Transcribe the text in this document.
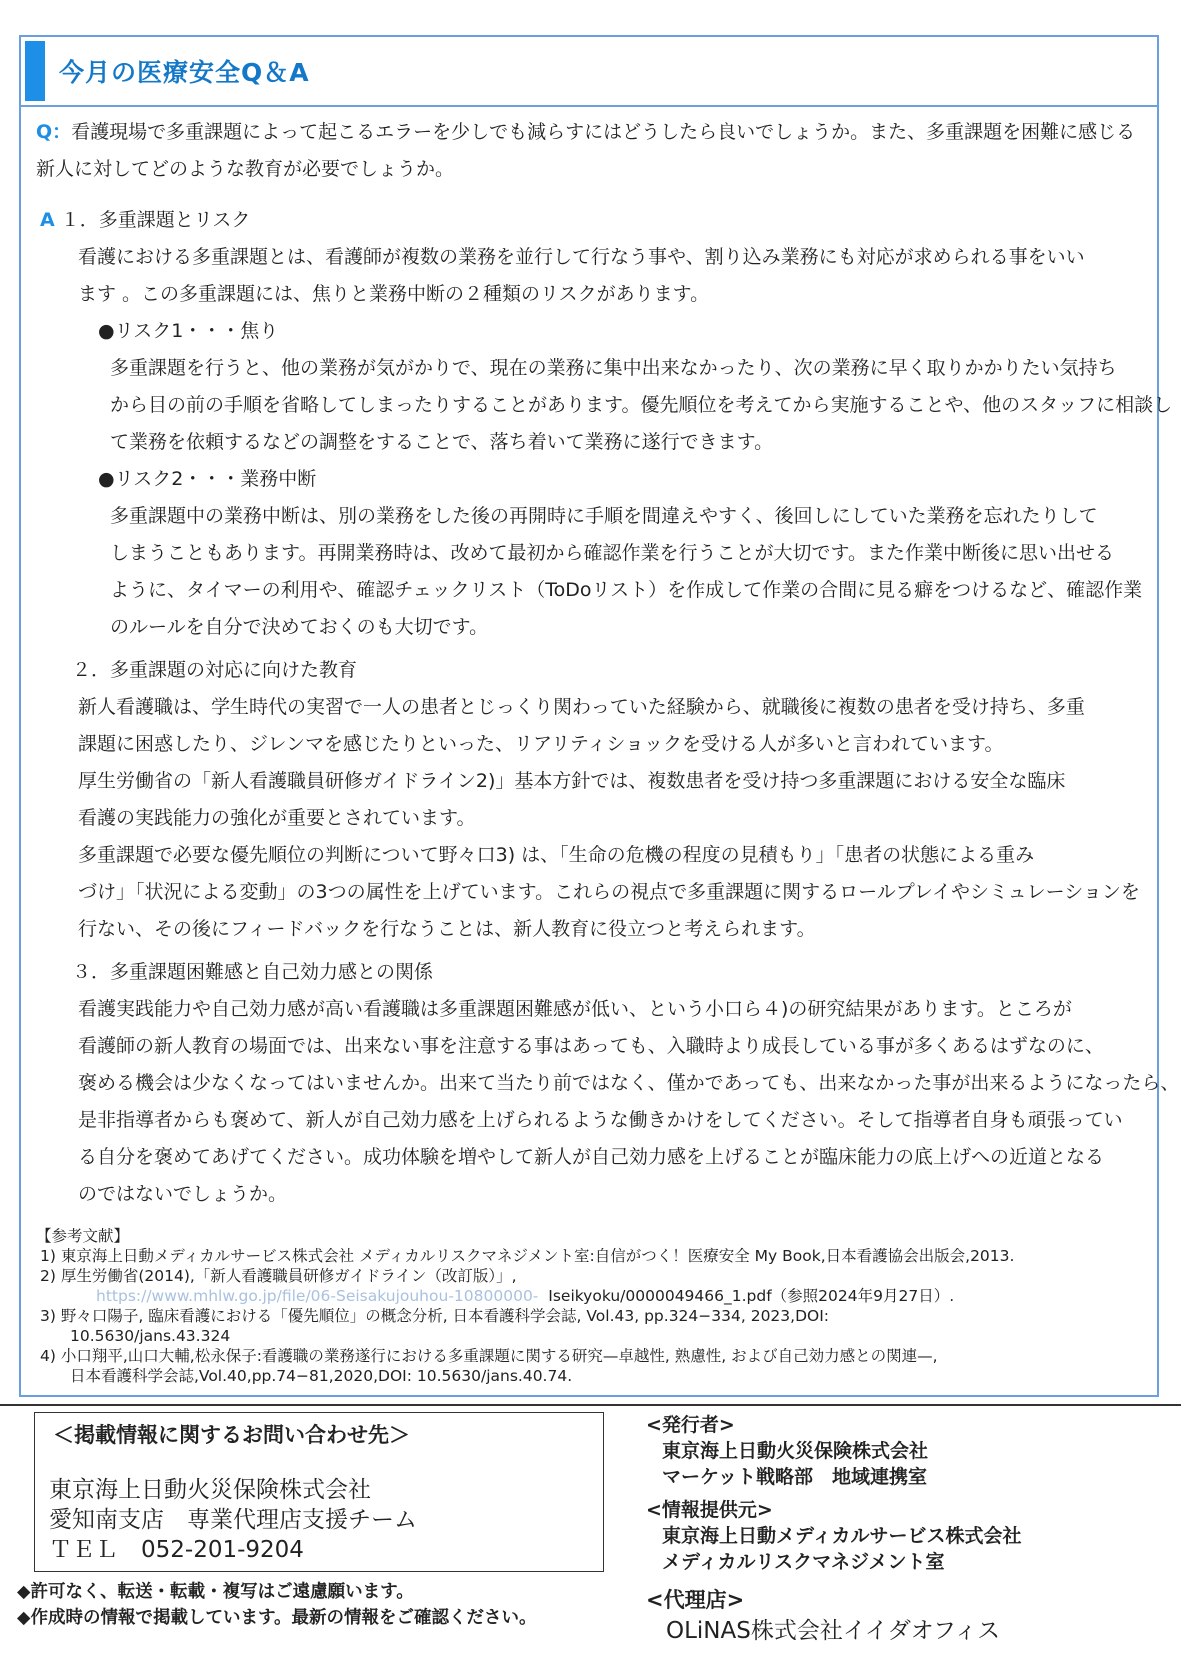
今月の医療安全Q＆A
Q：看護現場で多重課題によって起こるエラーを少しでも減らすにはどうしたら良いでしょうか。また、多重課題を困難に感じる
新人に対してどのような教育が必要でしょうか。
A １．多重課題とリスク
看護における多重課題とは、看護師が複数の業務を並行して行なう事や、割り込み業務にも対応が求められる事をいい
ます 。この多重課題には、焦りと業務中断の２種類のリスクがあります。
●リスク1・・・焦り
多重課題を行うと、他の業務が気がかりで、現在の業務に集中出来なかったり、次の業務に早く取りかかりたい気持ち
から目の前の手順を省略してしまったりすることがあります。優先順位を考えてから実施することや、他のスタッフに相談し
て業務を依頼するなどの調整をすることで、落ち着いて業務に遂行できます。
●リスク2・・・業務中断
多重課題中の業務中断は、別の業務をした後の再開時に手順を間違えやすく、後回しにしていた業務を忘れたりして
しまうこともあります。再開業務時は、改めて最初から確認作業を行うことが大切です。また作業中断後に思い出せる
ように、タイマーの利用や、確認チェックリスト（ToDoリスト）を作成して作業の合間に見る癖をつけるなど、確認作業
のルールを自分で決めておくのも大切です。
２．多重課題の対応に向けた教育
新人看護職は、学生時代の実習で一人の患者とじっくり関わっていた経験から、就職後に複数の患者を受け持ち、多重
課題に困惑したり、ジレンマを感じたりといった、リアリティショックを受ける人が多いと言われています。
厚生労働省の「新人看護職員研修ガイドライン2)」基本方針では、複数患者を受け持つ多重課題における安全な臨床
看護の実践能力の強化が重要とされています。
多重課題で必要な優先順位の判断について野々口3) は、「生命の危機の程度の見積もり」「患者の状態による重み
づけ」「状況による変動」の3つの属性を上げています。これらの視点で多重課題に関するロールプレイやシミュレーションを
行ない、その後にフィードバックを行なうことは、新人教育に役立つと考えられます。
３．多重課題困難感と自己効力感との関係
看護実践能力や自己効力感が高い看護職は多重課題困難感が低い、という小口ら４)の研究結果があります。ところが
看護師の新人教育の場面では、出来ない事を注意する事はあっても、入職時より成長している事が多くあるはずなのに、
褒める機会は少なくなってはいませんか。出来て当たり前ではなく、僅かであっても、出来なかった事が出来るようになったら、
是非指導者からも褒めて、新人が自己効力感を上げられるような働きかけをしてください。そして指導者自身も頑張ってい
る自分を褒めてあげてください。成功体験を増やして新人が自己効力感を上げることが臨床能力の底上げへの近道となる
のではないでしょうか。
【参考文献】
1) 東京海上日動メディカルサービス株式会社 メディカルリスクマネジメント室:自信がつく！医療安全 My Book,日本看護協会出版会,2013.
2) 厚生労働省(2014),「新人看護職員研修ガイドライン（改訂版）」,
https://www.mhlw.go.jp/file/06-Seisakujouhou-10800000- Iseikyoku/0000049466_1.pdf（参照2024年9月27日）.
3) 野々口陽子, 臨床看護における「優先順位」の概念分析, 日本看護科学会誌, Vol.43, pp.324−334, 2023,DOI:
10.5630/jans.43.324
4) 小口翔平,山口大輔,松永保子:看護職の業務遂行における多重課題に関する研究—卓越性, 熟慮性, および自己効力感との関連—,
日本看護科学会誌,Vol.40,pp.74−81,2020,DOI: 10.5630/jans.40.74.
＜掲載情報に関するお問い合わせ先＞
東京海上日動火災保険株式会社
愛知南支店　専業代理店支援チーム
ＴＥＬ　052-201-9204
◆許可なく、転送・転載・複写はご遠慮願います。
◆作成時の情報で掲載しています。最新の情報をご確認ください。
<発行者>
東京海上日動火災保険株式会社
マーケット戦略部　地域連携室
<情報提供元>
東京海上日動メディカルサービス株式会社
メディカルリスクマネジメント室
<代理店>
OLiNAS株式会社イイダオフィス
